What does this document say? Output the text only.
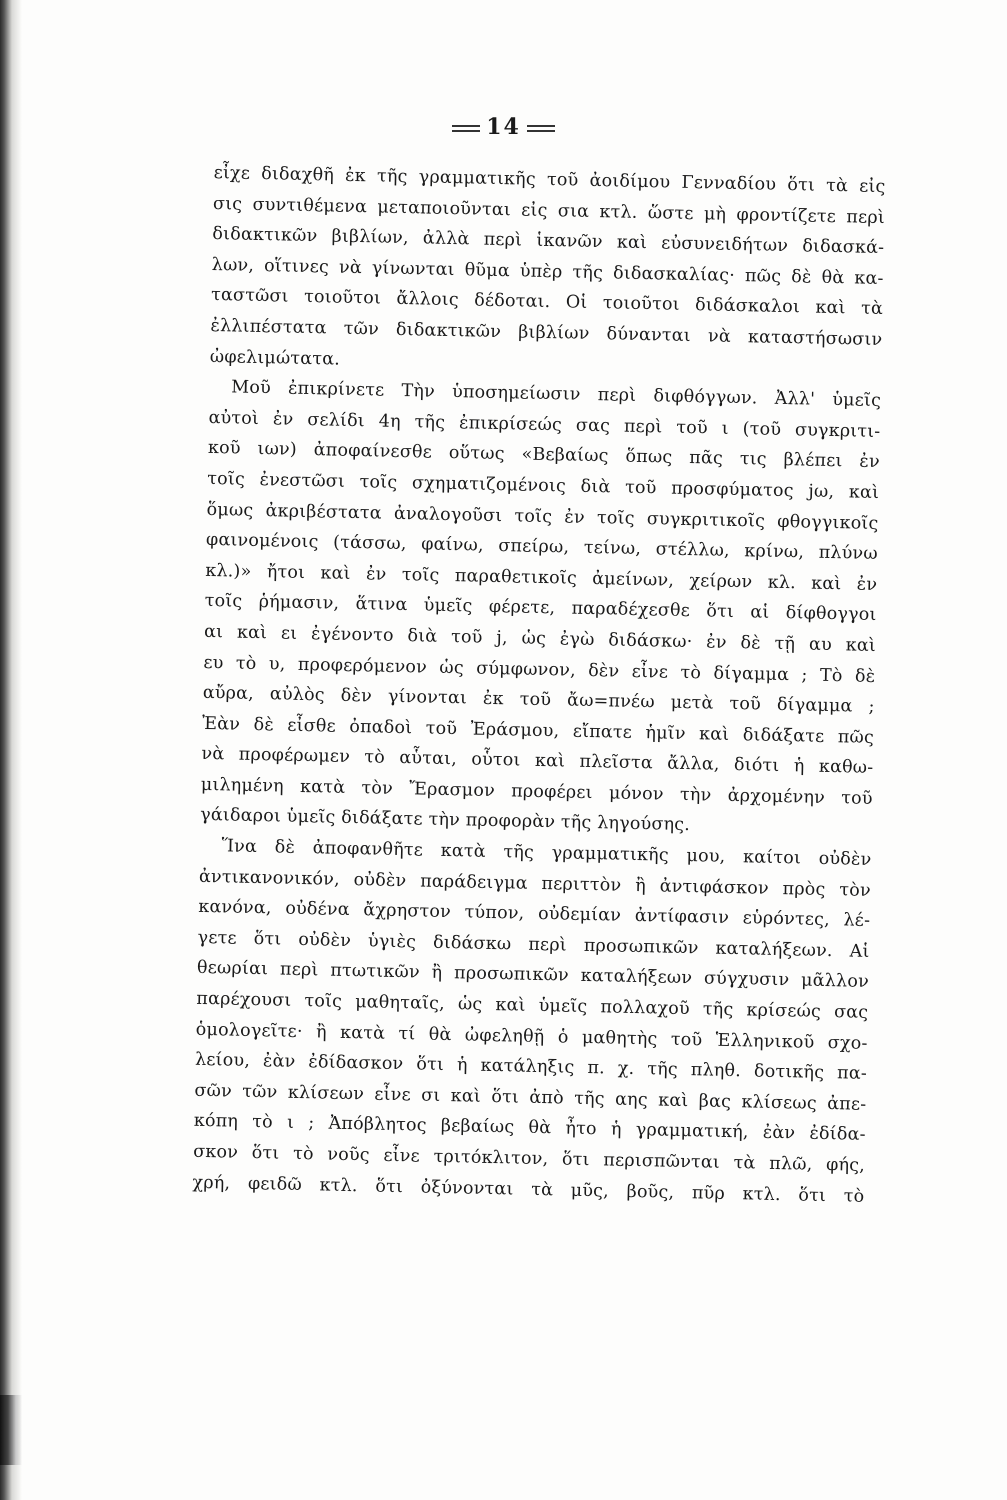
14
εἶχε διδαχθῆ ἐκ τῆς γραμματικῆς τοῦ ἀοιδίμου Γενναδίου ὅτι τὰ εἰς
σις συντιθέμενα μεταποιοῦνται εἰς σια κτλ. ὥστε μὴ φροντίζετε περὶ
διδακτικῶν βιβλίων, ἀλλὰ περὶ ἱκανῶν καὶ εὐσυνειδήτων διδασκά-
λων, οἵτινες νὰ γίνωνται θῦμα ὑπὲρ τῆς διδασκαλίας· πῶς δὲ θὰ κα-
ταστῶσι τοιοῦτοι ἄλλοις δέδοται. Οἱ τοιοῦτοι διδάσκαλοι καὶ τὰ
ἐλλιπέστατα τῶν διδακτικῶν βιβλίων δύνανται νὰ καταστήσωσιν
ὠφελιμώτατα.
Μοῦ ἐπικρίνετε Τὴν ὑποσημείωσιν περὶ διφθόγγων. Ἀλλ' ὑμεῖς
αὐτοὶ ἐν σελίδι 4η τῆς ἐπικρίσεώς σας περὶ τοῦ ι (τοῦ συγκριτι-
κοῦ ιων) ἀποφαίνεσθε οὕτως «Βεβαίως ὅπως πᾶς τις βλέπει ἐν
τοῖς ἐνεστῶσι τοῖς σχηματιζομένοις διὰ τοῦ προσφύματος jω, καὶ
ὅμως ἀκριβέστατα ἀναλογοῦσι τοῖς ἐν τοῖς συγκριτικοῖς φθογγικοῖς
φαινομένοις (τάσσω, φαίνω, σπείρω, τείνω, στέλλω, κρίνω, πλύνω
κλ.)» ἤτοι καὶ ἐν τοῖς παραθετικοῖς ἀμείνων, χείρων κλ. καὶ ἐν
τοῖς ῥήμασιν, ἅτινα ὑμεῖς φέρετε, παραδέχεσθε ὅτι αἱ δίφθογγοι
αι καὶ ει ἐγένοντο διὰ τοῦ j, ὡς ἐγὼ διδάσκω· ἐν δὲ τῇ αυ καὶ
ευ τὸ υ, προφερόμενον ὡς σύμφωνον, δὲν εἶνε τὸ δίγαμμα ; Τὸ δὲ
αὔρα, αὐλὸς δὲν γίνονται ἐκ τοῦ ἄω=πνέω μετὰ τοῦ δίγαμμα ;
Ἐὰν δὲ εἶσθε ὀπαδοὶ τοῦ Ἐράσμου, εἴπατε ἡμῖν καὶ διδάξατε πῶς
νὰ προφέρωμεν τὸ αὗται, οὗτοι καὶ πλεῖστα ἄλλα, διότι ἡ καθω-
μιλημένη κατὰ τὸν Ἔρασμον προφέρει μόνον τὴν ἀρχομένην τοῦ
γάιδαροι ὑμεῖς διδάξατε τὴν προφορὰν τῆς ληγούσης.
Ἵνα δὲ ἀποφανθῆτε κατὰ τῆς γραμματικῆς μου, καίτοι οὐδὲν
ἀντικανονικόν, οὐδὲν παράδειγμα περιττὸν ἢ ἀντιφάσκον πρὸς τὸν
κανόνα, οὐδένα ἄχρηστον τύπον, οὐδεμίαν ἀντίφασιν εὑρόντες, λέ-
γετε ὅτι οὐδὲν ὑγιὲς διδάσκω περὶ προσωπικῶν καταλήξεων. Αἱ
θεωρίαι περὶ πτωτικῶν ἢ προσωπικῶν καταλήξεων σύγχυσιν μᾶλλον
παρέχουσι τοῖς μαθηταῖς, ὡς καὶ ὑμεῖς πολλαχοῦ τῆς κρίσεώς σας
ὁμολογεῖτε· ἢ κατὰ τί θὰ ὠφεληθῇ ὁ μαθητὴς τοῦ Ἑλληνικοῦ σχο-
λείου, ἐὰν ἐδίδασκον ὅτι ἡ κατάληξις π. χ. τῆς πληθ. δοτικῆς πα-
σῶν τῶν κλίσεων εἶνε σι καὶ ὅτι ἀπὸ τῆς αης καὶ βας κλίσεως ἀπε-
κόπη τὸ ι ; Ἀπόβλητος βεβαίως θὰ ἦτο ἡ γραμματική, ἐὰν ἐδίδα-
σκον ὅτι τὸ νοῦς εἶνε τριτόκλιτον, ὅτι περισπῶνται τὰ πλῶ, φής,
χρή, φειδῶ κτλ. ὅτι ὀξύνονται τὰ μῦς, βοῦς, πῦρ κτλ. ὅτι τὸ
